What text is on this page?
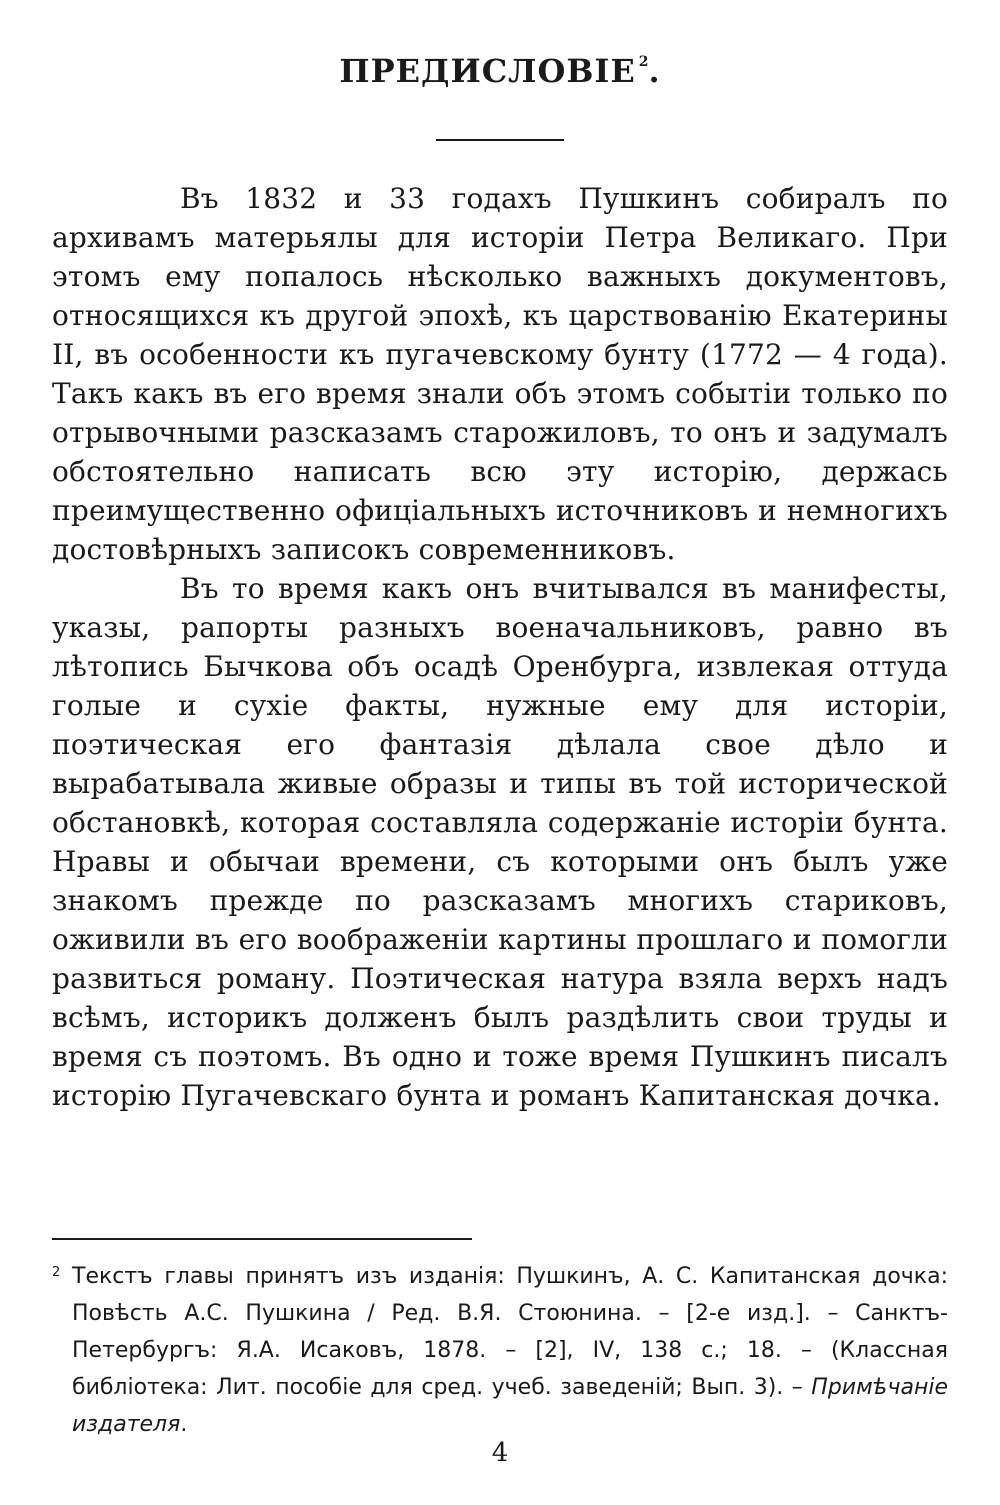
ПРЕДИСЛОВІЕ $^2$.

Въ 1832 и 33 годахъ Пушкинъ собиралъ по архивамъ матерьялы для исторіи Петра Великаго. При этомъ ему попалось нѣсколько важныхъ документовъ, относящихся къ другой эпохѣ, къ царствованію Екатерины II, въ особенности къ пугачевскому бунту (1772 — 4 года). Такъ какъ въ его время знали объ этомъ событіи только по отрывочными разсказамъ старожиловъ, то онъ и задумалъ обстоятельно написать всю эту исторію, держась преимущественно офиціальныхъ источниковъ и немногихъ достовѣрныхъ записокъ современниковъ.

Въ то время какъ онъ вчитывался въ манифесты, указы, рапорты разныхъ военачальниковъ, равно въ лѣтопись Бычкова объ осадѣ Оренбурга, извлекая оттуда голые и сухіе факты, нужные ему для исторіи, поэтическая его фантазія дѣлала свое дѣло и вырабатывала живые образы и типы въ той исторической обстановкѣ, которая составляла содержаніе исторіи бунта. Нравы и обычаи времени, съ которыми онъ былъ уже знакомъ прежде по разсказамъ многихъ стариковъ, оживили въ его воображеніи картины прошлаго и помогли развиться роману. Поэтическая натура взяла верхъ надъ всѣмъ, историкъ долженъ былъ раздѣлить свои труды и время съ поэтомъ. Въ одно и тоже время Пушкинъ писалъ исторію Пугачевскаго бунта и романъ Капитанская дочка.

2 Текстъ главы принятъ изъ изданія: Пушкинъ, А. С. Капитанская дочка: Повѣсть А.С. Пушкина / Ред. В.Я. Стоюнина. – [2-е изд.]. – Санктъ-Петербургъ: Я.А. Исаковъ, 1878. – [2], IV, 138 с.; 18. – (Классная библіотека: Лит. пособіе для сред. учеб. заведеній; Вып. 3). – Примѣчаніе издателя.

4
